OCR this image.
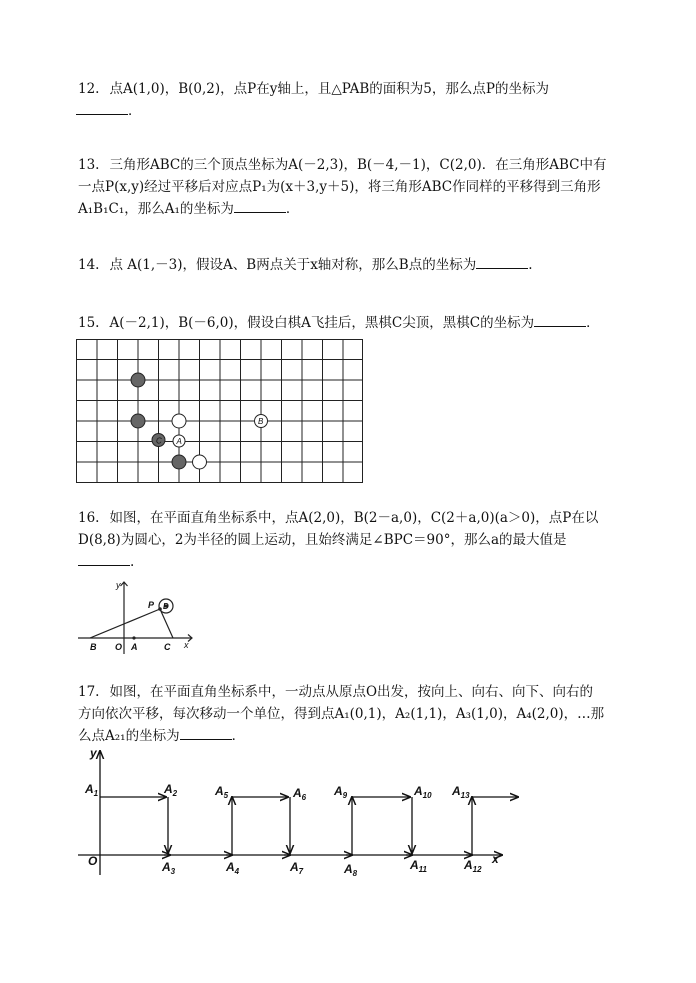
12. 点A(1,0)，B(0,2)，点P在y轴上，且△PAB的面积为5，那么点P的坐标为
．
13. 三角形ABC的三个顶点坐标为A(－2,3)，B(－4,－1)，C(2,0)．在三角形ABC中有
一点P(x,y)经过平移后对应点P₁为(x＋3,y＋5)，将三角形ABC作同样的平移得到三角形
A₁B₁C₁，那么A₁的坐标为	．
14. 点 A(1,－3)，假设A、B两点关于x轴对称，那么B点的坐标为	.
15. A(－2,1)，B(－6,0)，假设白棋A飞挂后，黑棋C尖顶，黑棋C的坐标为	．
C A
B
16. 如图，在平面直角坐标系中，点A(2,0)，B(2－a,0)，C(2＋a,0)(a＞0)，点P在以
D(8,8)为圆心，2为半径的圆上运动，且始终满足∠BPC＝90°，那么a的最大值是
.
y
P D
B O A	C x
17. 如图，在平面直角坐标系中，一动点从原点O出发，按向上、向右、向下、向右的
方向依次平移，每次移动一个单位，得到点A₁(0,1)，A₂(1,1)，A₃(1,0)，A₄(2,0)，…那
么点A₂₁的坐标为	．
y
x
O
$A_1$	$A_2$
$A_3$	$A_4$
$A_5$	$A_6$
$A_7$	$A_8$
$A_9$	$A_{10}$
$A_{11}$	$A_{12}$
$A_{13}$
